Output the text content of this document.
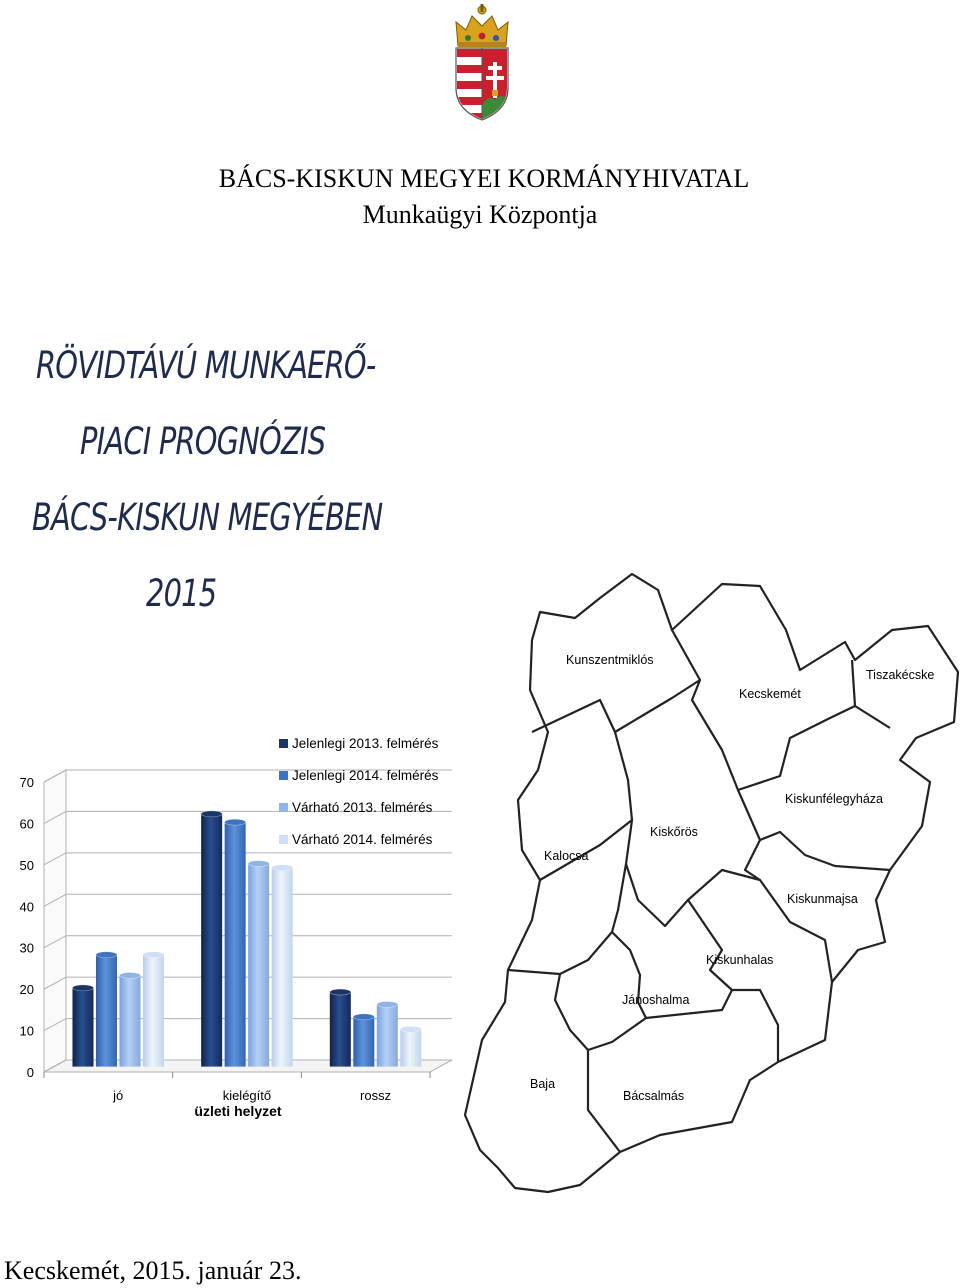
BÁCS-KISKUN MEGYEI KORMÁNYHIVATAL
Munkaügyi Központja
RÖVIDTÁVÚ MUNKAERŐ-
PIACI PROGNÓZIS
BÁCS-KISKUN MEGYÉBEN
2015
Kunszentmiklós
Kecskemét
Tiszakécske
Kiskunfélegyháza
Kiskőrös
Kalocsa
Kiskunmajsa
Kiskunhalas
Jánoshalma
Baja
Bácsalmás
0
10
20
30
40
50
60
70
jó	kielégítő	rossz
Jelenlegi 2013. felmérés
Jelenlegi 2014. felmérés
Várható 2013. felmérés
Várható 2014. felmérés
üzleti helyzet
Kecskemét, 2015. január 23.
